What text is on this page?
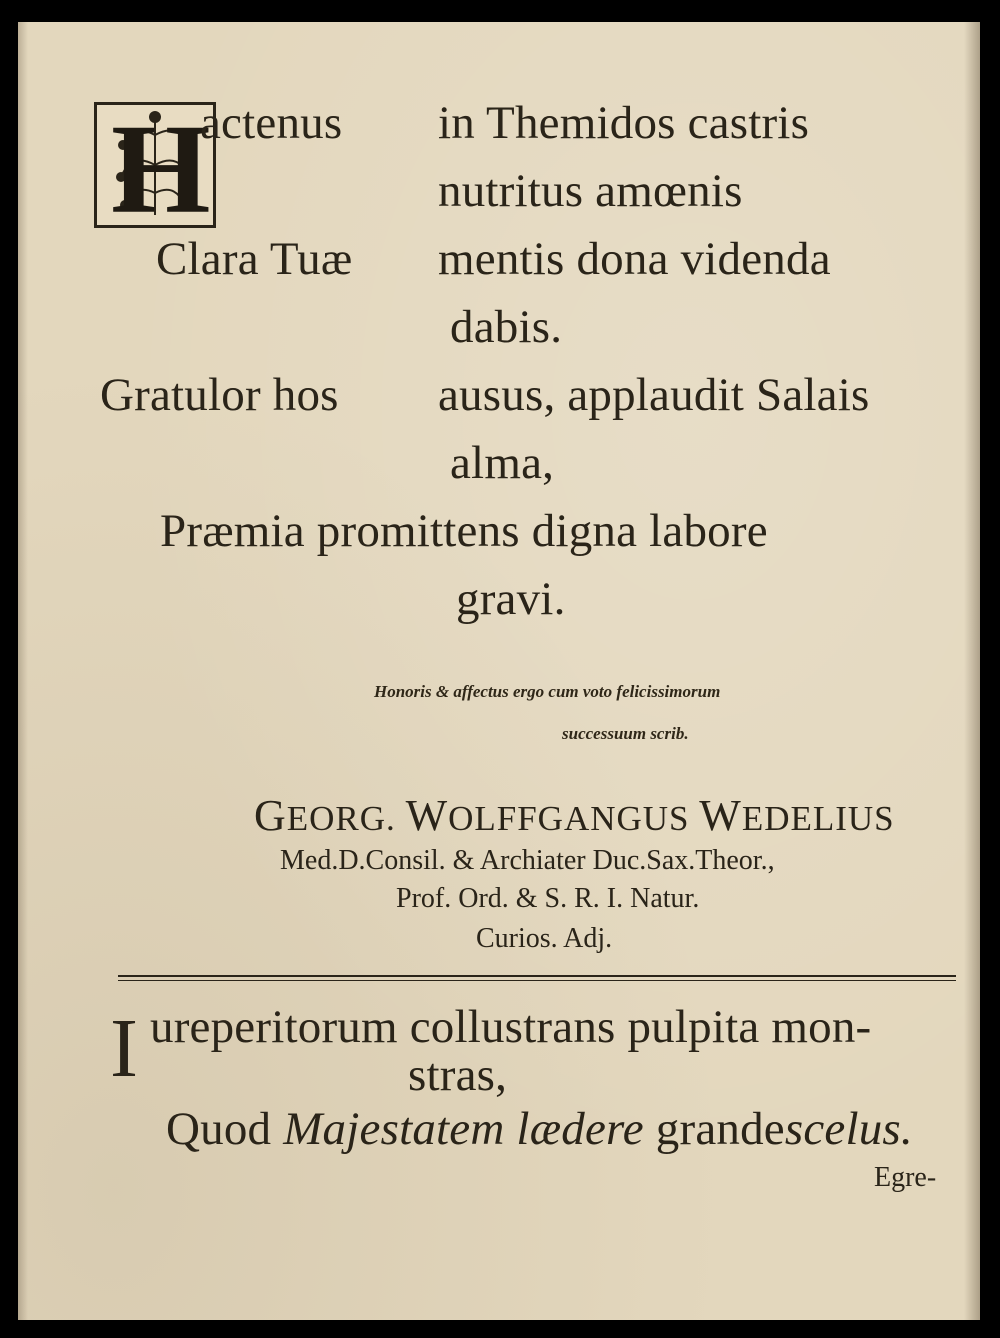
H
actenus in Themidos castris
nutritus amœnis
Clara Tuæ mentis dona videnda
dabis.
Gratulor hos ausus, applaudit Salais
alma,
Præmia promittens digna labore
gravi.
Honoris & affectus ergo cum voto felicissimorum
successuum scrib.
GEORG. WOLFFGANGUS WEDELIUS
Med.D.Consil. & Archiater Duc.Sax.Theor.,
Prof. Ord. & S. R. I. Natur.
Curios. Adj.
I ureperitorum collustrans pulpita mon-
stras,
Quod Majestatem lædere grandescelus.
Egre-
